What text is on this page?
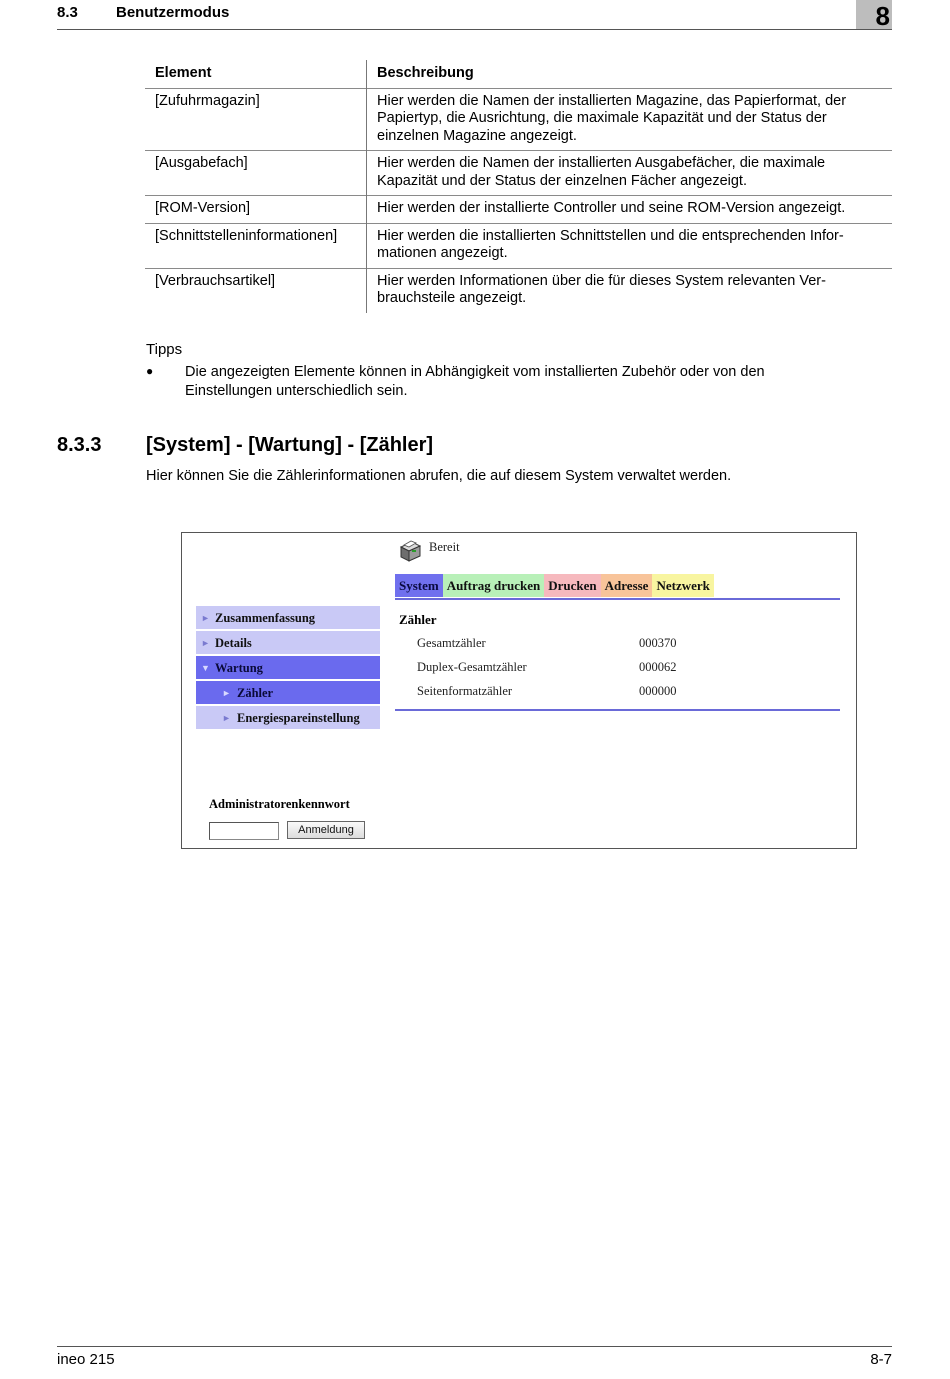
8.3	Benutzermodus	8
Element	Beschreibung
[Zufuhrmagazin]	Hier werden die Namen der installierten Magazine, das Papierformat, der
Papiertyp, die Ausrichtung, die maximale Kapazität und der Status der
einzelnen Magazine angezeigt.

[Ausgabefach]	Hier werden die Namen der installierten Ausgabefächer, die maximale
Kapazität und der Status der einzelnen Fächer angezeigt.

[ROM-Version]	Hier werden der installierte Controller und seine ROM-Version angezeigt.

[Schnittstelleninformationen]	Hier werden die installierten Schnittstellen und die entsprechenden Infor-
mationen angezeigt.

[Verbrauchsartikel]	Hier werden Informationen über die für dieses System relevanten Ver-
brauchsteile angezeigt.
Tipps
● Die angezeigten Elemente können in Abhängigkeit vom installierten Zubehör oder von den
Einstellungen unterschiedlich sein.
8.3.3 [System] - [Wartung] - [Zähler]
Hier können Sie die Zählerinformationen abrufen, die auf diesem System verwaltet werden.
Bereit
System Auftrag drucken Drucken Adresse Netzwerk
► Zusammenfassung
► Details
▼ Wartung
► Zähler
► Energiespareinstellung
Zähler
Gesamtzähler	000370
Duplex-Gesamtzähler	000062
Seitenformatzähler	000000
Administratorenkennwort
Anmeldung
ineo 215	8-7
